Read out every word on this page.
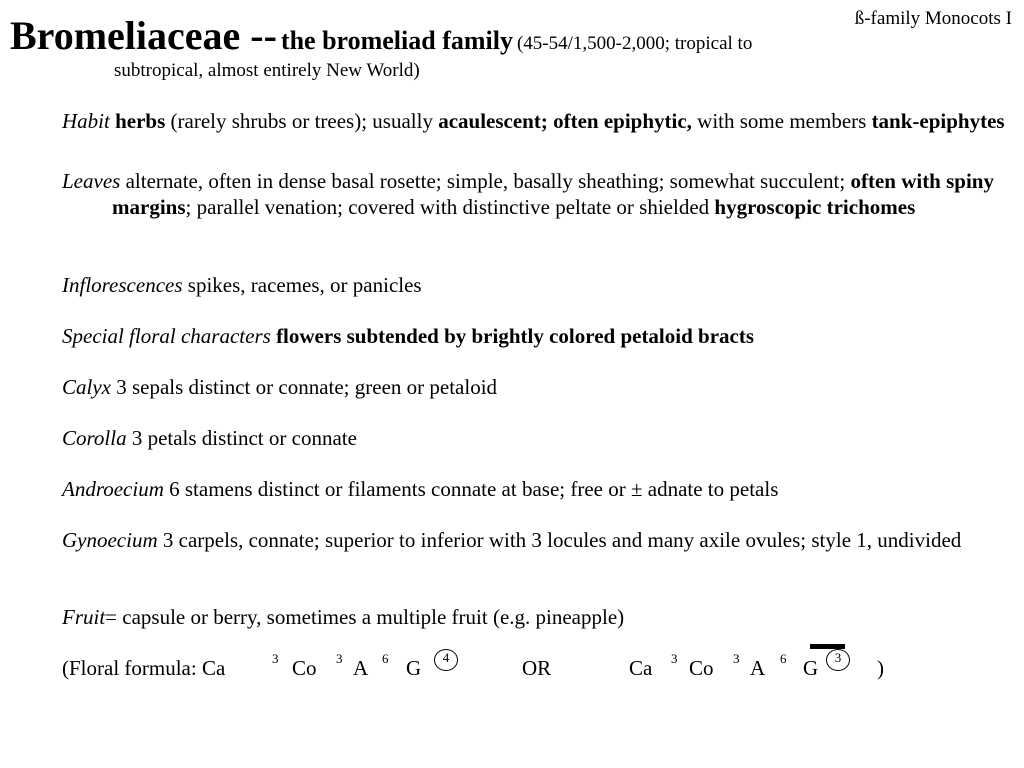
ß-family Monocots I
Bromeliaceae -- the bromeliad family (45-54/1,500-2,000; tropical to
subtropical, almost entirely New World)
Habit herbs (rarely shrubs or trees); usually acaulescent; often epiphytic, with some members tank-epiphytes
Leaves alternate, often in dense basal rosette; simple, basally sheathing; somewhat succulent; often with spiny margins; parallel venation; covered with distinctive peltate or shielded hygroscopic trichomes
Inflorescences spikes, racemes, or panicles
Special floral characters flowers subtended by brightly colored petaloid bracts
Calyx 3 sepals distinct or connate; green or petaloid
Corolla 3 petals distinct or connate
Androecium 6 stamens distinct or filaments connate at base; free or ± adnate to petals
Gynoecium 3 carpels, connate; superior to inferior with 3 locules and many axile ovules; style 1, undivided
Fruit= capsule or berry, sometimes a multiple fruit (e.g. pineapple)
(Floral formula: Ca	3 Co 3 A 6 G	4	OR	Ca 3 Co 3 A 6 G	3	)
